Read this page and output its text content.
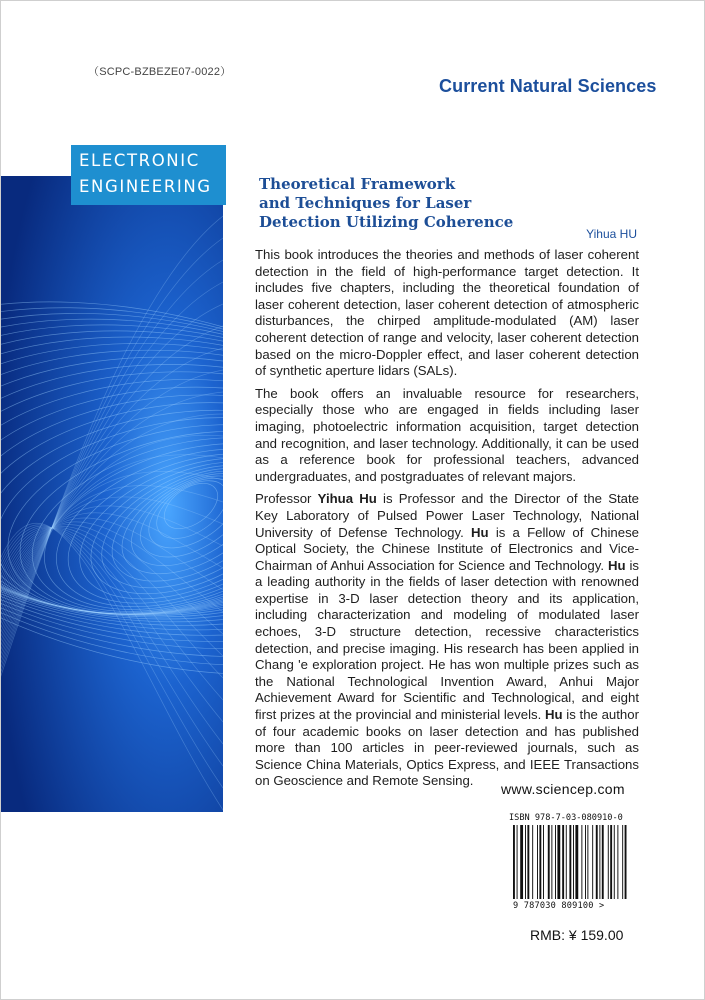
（SCPC-BZBEZE07-0022）
Current Natural Sciences
ELECTRONIC
ENGINEERING	Theoretical Framework
and Techniques for Laser
Detection Utilizing Coherence
Yihua HU

This book introduces the theories and methods of laser coherent detection in the field of high-performance target detection. It includes five chapters, including the theoretical foundation of laser coherent detection, laser coherent detection of atmospheric disturbances, the chirped amplitude-modulated (AM) laser coherent detection of range and velocity, laser coherent detection based on the micro-Doppler effect, and laser coherent detection of synthetic aperture lidars (SALs).

The book offers an invaluable resource for researchers, especially those who are engaged in fields including laser imaging, photoelectric information acquisition, target detection and recognition, and laser technology. Additionally, it can be used as a reference book for professional teachers, advanced undergraduates, and postgraduates of relevant majors.

Professor Yihua Hu is Professor and the Director of the State Key Laboratory of Pulsed Power Laser Technology, National University of Defense Technology. Hu is a Fellow of Chinese Optical Society, the Chinese Institute of Electronics and Vice-Chairman of Anhui Association for Science and Technology. Hu is a leading authority in the fields of laser detection with renowned expertise in 3-D laser detection theory and its application, including characterization and modeling of modulated laser echoes, 3-D structure detection, recessive characteristics detection, and precise imaging. His research has been applied in Chang 'e exploration project. He has won multiple prizes such as the National Technological Invention Award, Anhui Major Achievement Award for Scientific and Technological, and eight first prizes at the provincial and ministerial levels. Hu is the author of four academic books on laser detection and has published more than 100 articles in peer-reviewed journals, such as Science China Materials, Optics Express, and IEEE Transactions on Geoscience and Remote Sensing.

www.sciencep.com
ISBN 978-7-03-080910-0
9 787030 809100 >
RMB: ¥ 159.00
